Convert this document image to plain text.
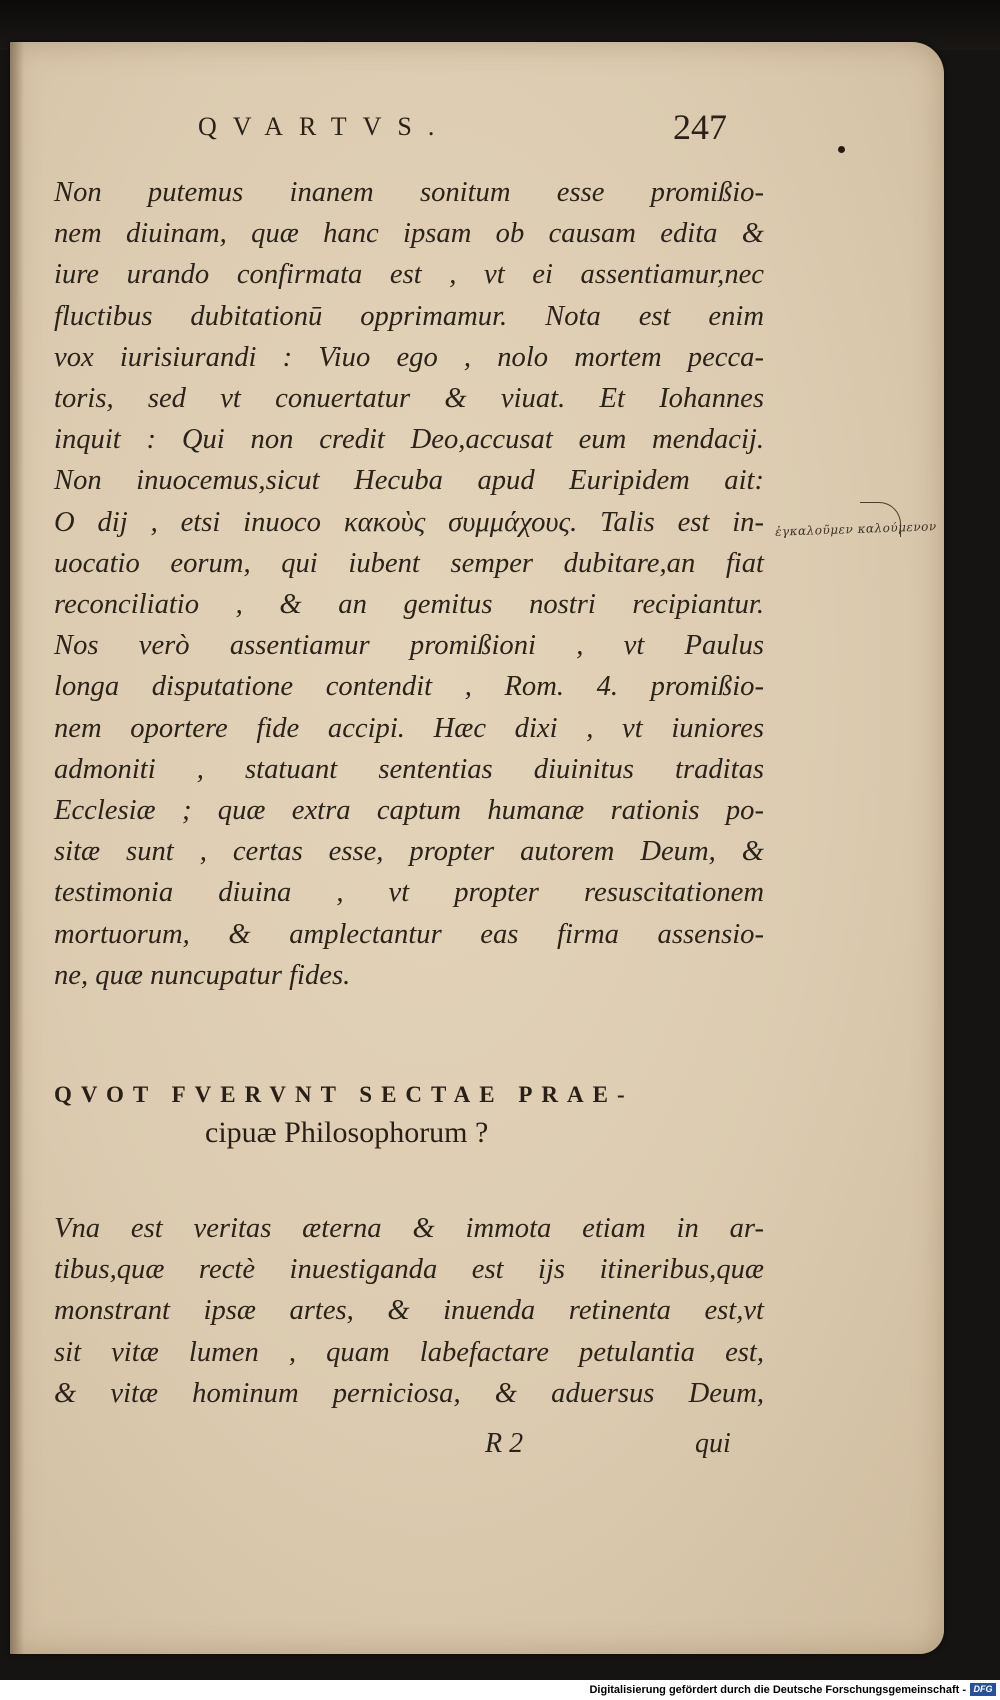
QVARTVS.	247
Non putemus inanem sonitum esse promißio-
nem diuinam, quæ hanc ipsam ob causam edita &
iure urando confirmata est , vt ei assentiamur,nec
fluctibus dubitationū opprimamur. Nota est enim
vox iurisiurandi : Viuo ego , nolo mortem pecca-
toris, sed vt conuertatur & viuat. Et Iohannes
inquit : Qui non credit Deo,accusat eum mendacij.
Non inuocemus,sicut Hecuba apud Euripidem ait:
O dij , etsi inuoco κακοὺς συμμάχους. Talis est in-
uocatio eorum, qui iubent semper dubitare,an fiat
reconciliatio , & an gemitus nostri recipiantur.
Nos verò assentiamur promißioni , vt Paulus
longa disputatione contendit , Rom. 4. promißio-
nem oportere fide accipi. Hæc dixi , vt iuniores
admoniti , statuant sententias diuinitus traditas
Ecclesiæ ; quæ extra captum humanæ rationis po-
sitæ sunt , certas esse, propter autorem Deum, &
testimonia diuina , vt propter resuscitationem
mortuorum, & amplectantur eas firma assensio-
ne, quæ nuncupatur fides.
ἐγκαλοῦμεν καλούμενον
QVOT FVERVNT SECTAE PRAE-
cipuæ Philosophorum ?
Vna est veritas æterna & immota etiam in ar-
tibus,quæ rectè inuestiganda est ijs itineribus,quæ
monstrant ipsæ artes, & inuenda retinenta est,vt
sit vitæ lumen , quam labefactare petulantia est,
& vitæ hominum perniciosa, & aduersus Deum,
R 2	qui
Digitalisierung gefördert durch die Deutsche Forschungsgemeinschaft - DFG
